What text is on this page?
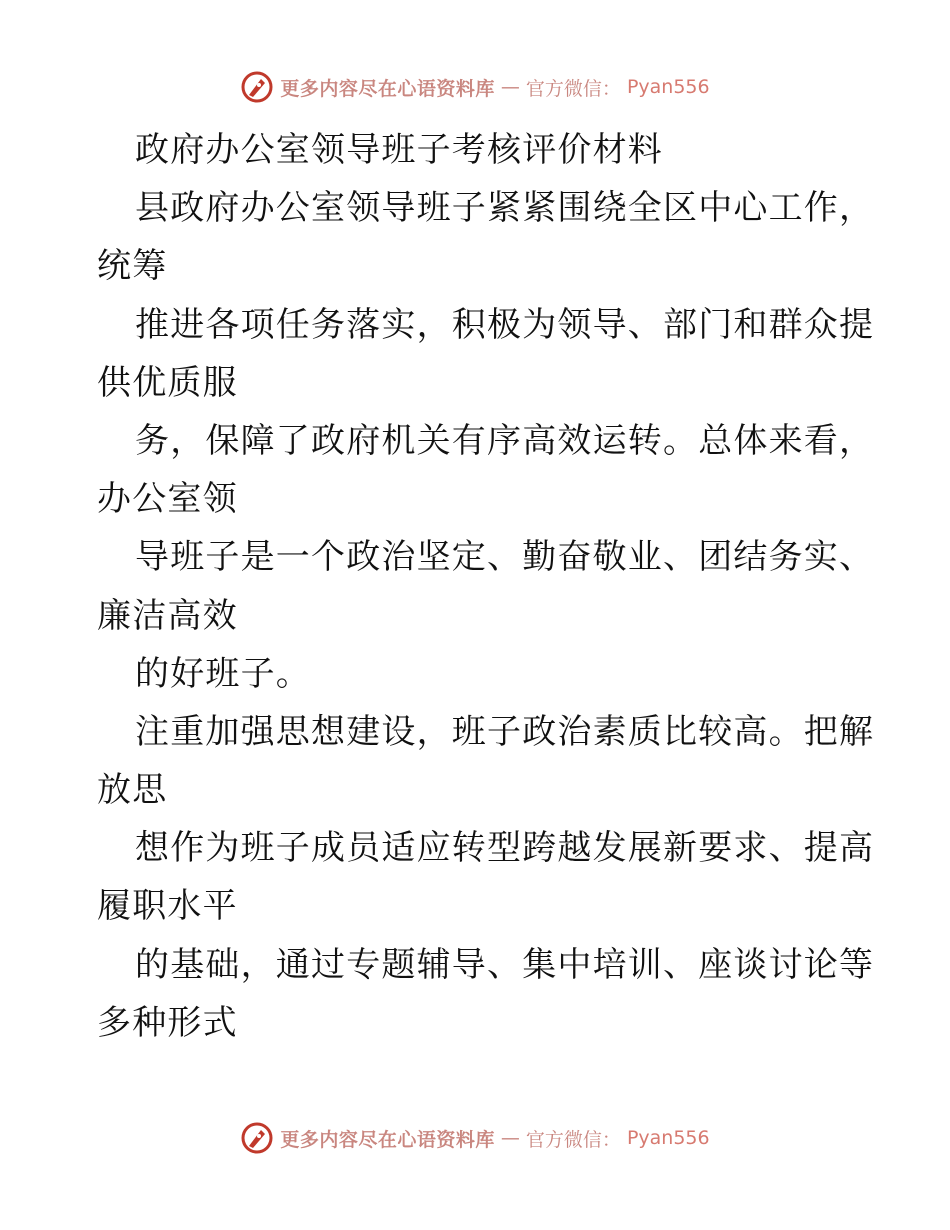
更多内容尽在心语资料库 — 官方微信： Pyan556
政府办公室领导班子考核评价材料
县政府办公室领导班子紧紧围绕全区中心工作，
统筹
推进各项任务落实，积极为领导、部门和群众提
供优质服
务，保障了政府机关有序高效运转。总体来看，
办公室领
导班子是一个政治坚定、勤奋敬业、团结务实、
廉洁高效
的好班子。
注重加强思想建设，班子政治素质比较高。把解
放思
想作为班子成员适应转型跨越发展新要求、提高
履职水平
的基础，通过专题辅导、集中培训、座谈讨论等
多种形式
更多内容尽在心语资料库 — 官方微信： Pyan556
